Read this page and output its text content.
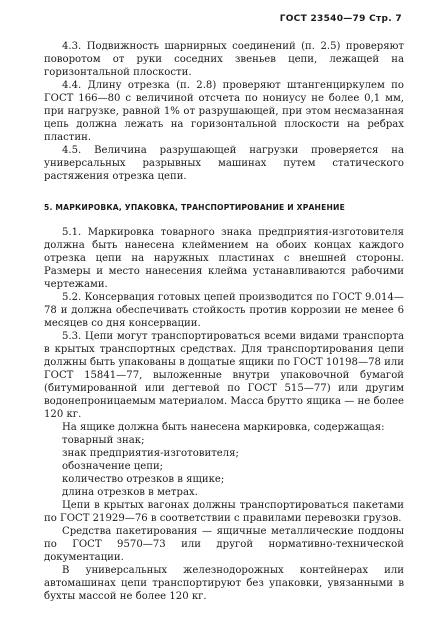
ГОСТ 23540—79 Стр. 7

4.3. Подвижность шарнирных соединений (п. 2.5) проверяют поворотом от руки соседних звеньев цепи, лежащей на горизонтальной плоскости.

4.4. Длину отрезка (п. 2.8) проверяют штангенциркулем по ГОСТ 166—80 с величиной отсчета по нониусу не более 0,1 мм, при нагрузке, равной 1% от разрушающей, при этом несмазанная цепь должна лежать на горизонтальной плоскости на ребрах пластин.

4.5. Величина разрушающей нагрузки проверяется на универсальных разрывных машинах путем статического растяжения отрезка цепи.

5. МАРКИРОВКА, УПАКОВКА, ТРАНСПОРТИРОВАНИЕ И ХРАНЕНИЕ

5.1. Маркировка товарного знака предприятия-изготовителя должна быть нанесена клеймением на обоих концах каждого отрезка цепи на наружных пластинах с внешней стороны. Размеры и место нанесения клейма устанавливаются рабочими чертежами.

5.2. Консервация готовых цепей производится по ГОСТ 9.014—78 и должна обеспечивать стойкость против коррозии не менее 6 месяцев со дня консервации.

5.3. Цепи могут транспортироваться всеми видами транспорта в крытых транспортных средствах. Для транспортирования цепи должны быть упакованы в дощатые ящики по ГОСТ 10198—78 или ГОСТ 15841—77, выложенные внутри упаковочной бумагой (битумированной или дегтевой по ГОСТ 515—77) или другим водонепроницаемым материалом. Масса брутто ящика — не более 120 кг.

На ящике должна быть нанесена маркировка, содержащая:

товарный знак;
знак предприятия-изготовителя;
обозначение цепи;
количество отрезков в ящике;
длина отрезков в метрах.

Цепи в крытых вагонах должны транспортироваться пакетами по ГОСТ 21929—76 в соответствии с правилами перевозки грузов.

Средства пакетирования — ящичные металлические поддоны по ГОСТ 9570—73 или другой нормативно-технической документации.

В универсальных железнодорожных контейнерах или автомашинах цепи транспортируют без упаковки, увязанными в бухты массой не более 120 кг.
